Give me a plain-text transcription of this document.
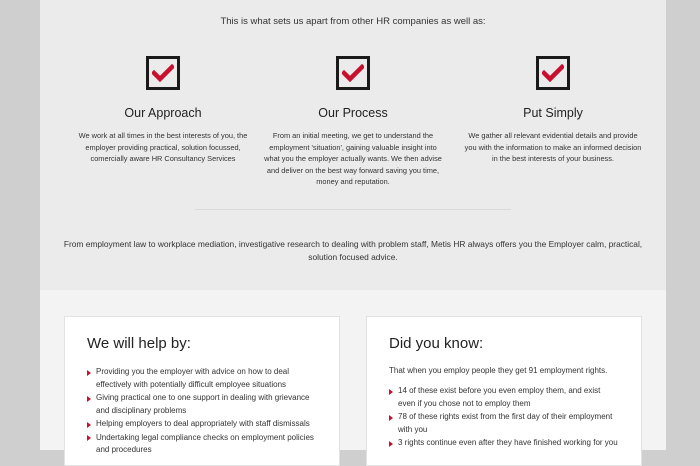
This is what sets us apart from other HR companies as well as:
Our Approach

We work at all times in the best interests of you, the employer providing practical, solution focussed, comercially aware HR Consultancy Services

Our Process

From an initial meeting, we get to understand the employment 'situation', gaining valuable insight into what you the employer actually wants. We then advise and deliver on the best way forward saving you time, money and reputation.

Put Simply

We gather all relevant evidential details and provide you with the information to make an informed decision in the best interests of your business.

From employment law to workplace mediation, investigative research to dealing with problem staff, Metis HR always offers you the Employer calm, practical, solution focused advice.
We will help by:
Providing you the employer with advice on how to deal effectively with potentially difficult employee situations
Giving practical one to one support in dealing with grievance and disciplinary problems
Helping employers to deal appropriately with staff dismissals
Undertaking legal compliance checks on employment policies and procedures
Did you know:

That when you employ people they get 91 employment rights.

14 of these exist before you even employ them, and exist even if you chose not to employ them
78 of these rights exist from the first day of their employment with you
3 rights continue even after they have finished working for you
